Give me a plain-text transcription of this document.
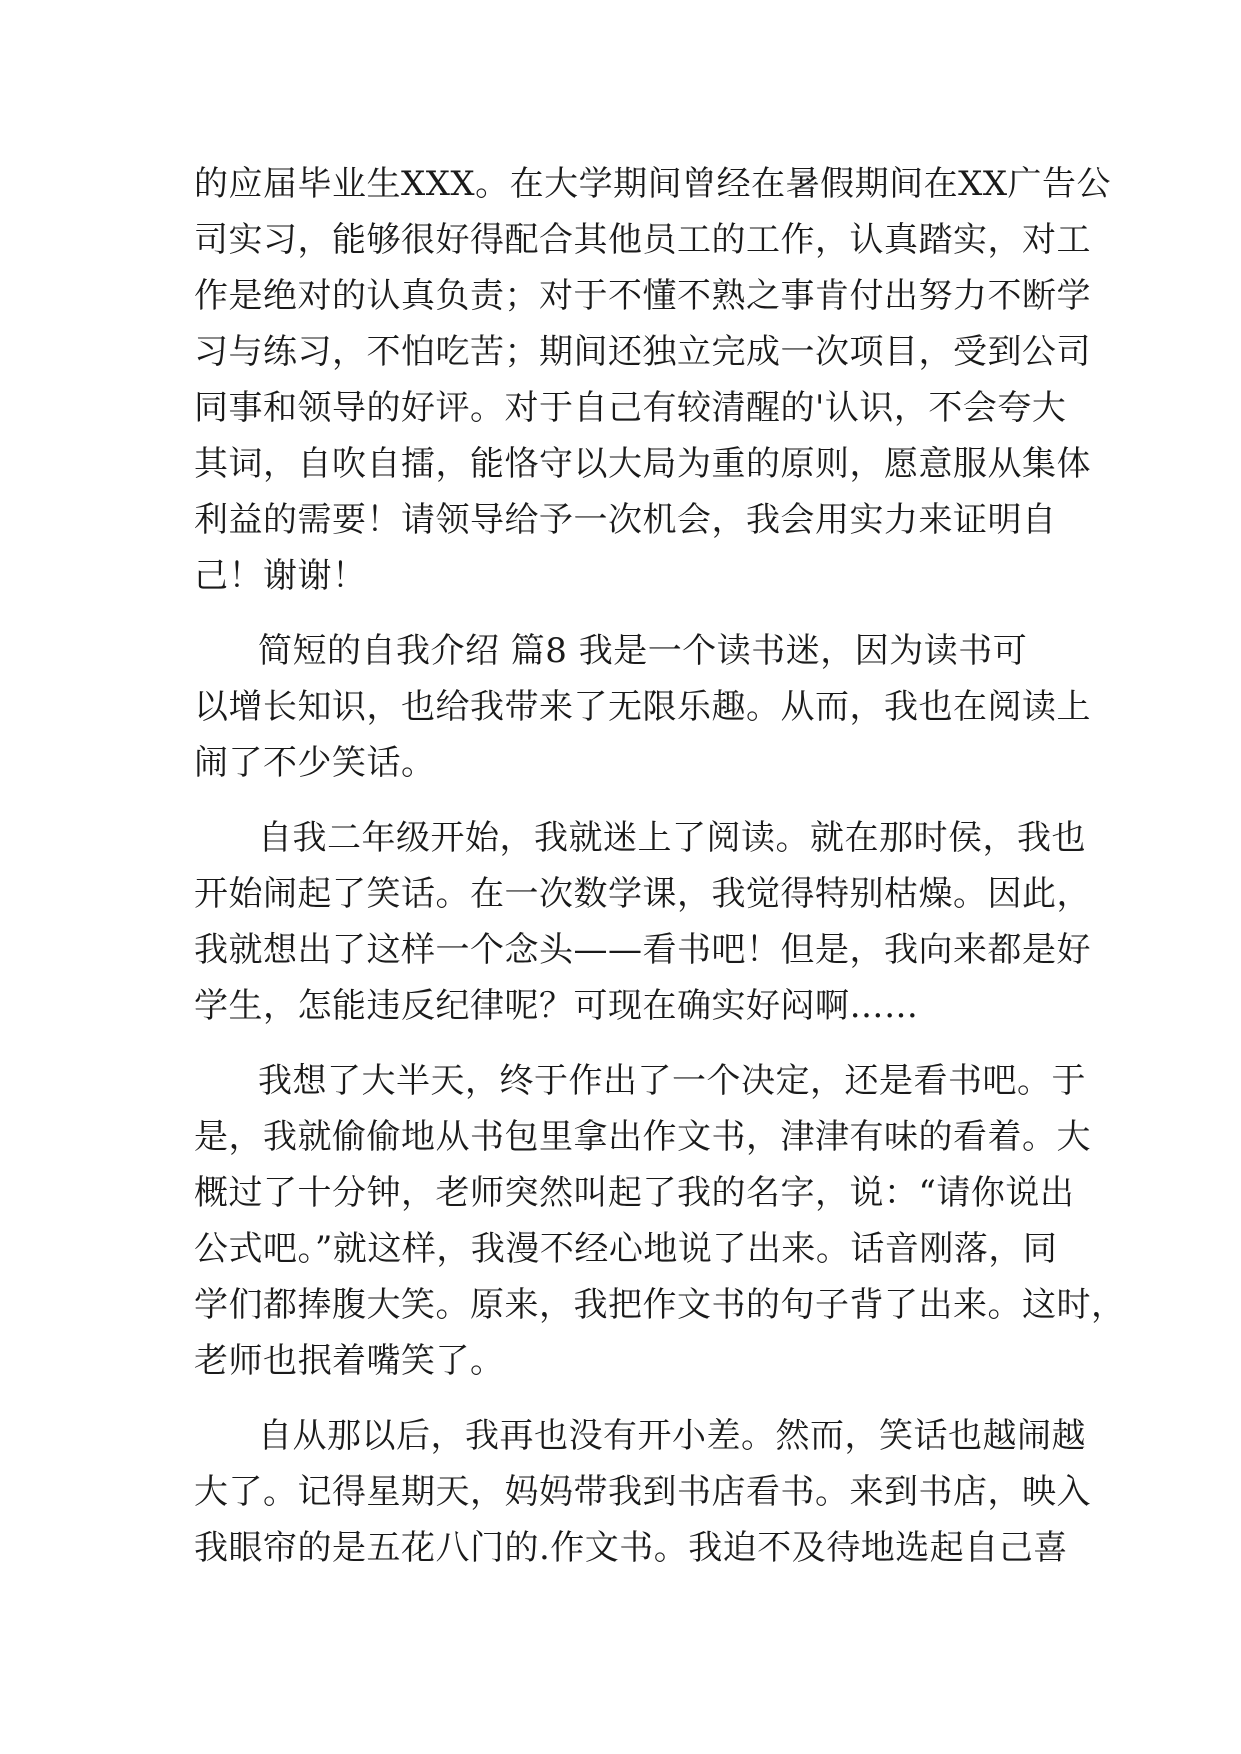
的应届毕业生XXX。在大学期间曾经在暑假期间在XX广告公
司实习，能够很好得配合其他员工的工作，认真踏实，对工
作是绝对的认真负责；对于不懂不熟之事肯付出努力不断学
习与练习，不怕吃苦；期间还独立完成一次项目，受到公司
同事和领导的好评。对于自己有较清醒的'认识，不会夸大
其词，自吹自擂，能恪守以大局为重的原则，愿意服从集体
利益的需要！请领导给予一次机会，我会用实力来证明自
己！谢谢！
简短的自我介绍 篇8 我是一个读书迷，因为读书可
以增长知识，也给我带来了无限乐趣。从而，我也在阅读上
闹了不少笑话。
自我二年级开始，我就迷上了阅读。就在那时侯，我也
开始闹起了笑话。在一次数学课，我觉得特别枯燥。因此，
我就想出了这样一个念头——看书吧！但是，我向来都是好
学生，怎能违反纪律呢？可现在确实好闷啊……
我想了大半天，终于作出了一个决定，还是看书吧。于
是，我就偷偷地从书包里拿出作文书，津津有味的看着。大
概过了十分钟，老师突然叫起了我的名字，说：“请你说出
公式吧。”就这样，我漫不经心地说了出来。话音刚落，同
学们都捧腹大笑。原来，我把作文书的句子背了出来。这时，
老师也抿着嘴笑了。
自从那以后，我再也没有开小差。然而，笑话也越闹越
大了。记得星期天，妈妈带我到书店看书。来到书店，映入
我眼帘的是五花八门的.作文书。我迫不及待地选起自己喜
